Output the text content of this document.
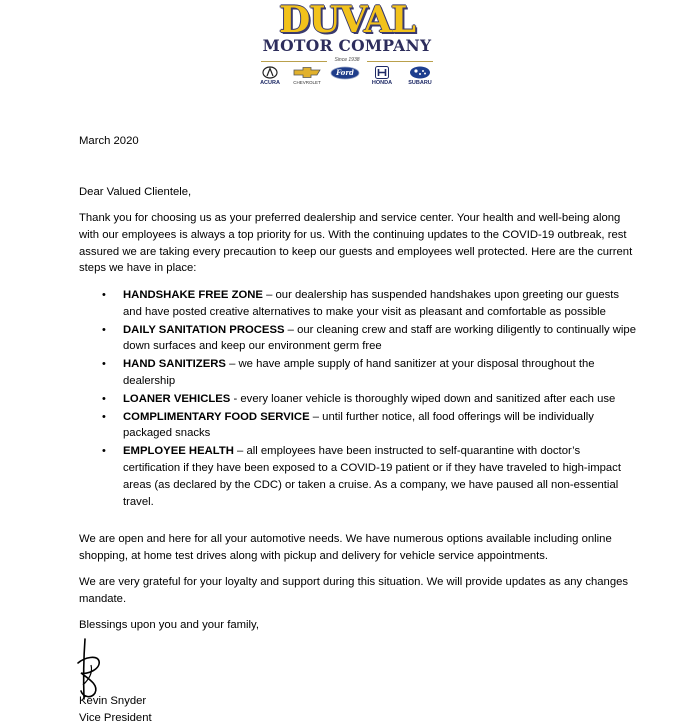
DUVAL
MOTOR COMPANY
Since 1938
ACURA	CHEVROLET
Ford
HONDA	SUBARU

March 2020

Dear Valued Clientele,

Thank you for choosing us as your preferred dealership and service center. Your health and well-being along with our employees is always a top priority for us. With the continuing updates to the COVID-19 outbreak, rest assured we are taking every precaution to keep our guests and employees well protected. Here are the current steps we have in place:

• HANDSHAKE FREE ZONE – our dealership has suspended handshakes upon greeting our guests and have posted creative alternatives to make your visit as pleasant and comfortable as possible
• DAILY SANITATION PROCESS – our cleaning crew and staff are working diligently to continually wipe down surfaces and keep our environment germ free
• HAND SANITIZERS – we have ample supply of hand sanitizer at your disposal throughout the dealership
• LOANER VEHICLES - every loaner vehicle is thoroughly wiped down and sanitized after each use
• COMPLIMENTARY FOOD SERVICE – until further notice, all food offerings will be individually packaged snacks
• EMPLOYEE HEALTH – all employees have been instructed to self-quarantine with doctor’s certification if they have been exposed to a COVID-19 patient or if they have traveled to high-impact areas (as declared by the CDC) or taken a cruise. As a company, we have paused all non-essential travel.

We are open and here for all your automotive needs. We have numerous options available including online shopping, at home test drives along with pickup and delivery for vehicle service appointments.

We are very grateful for your loyalty and support during this situation. We will provide updates as any changes mandate.

Blessings upon you and your family,

Kevin Snyder

Vice President
